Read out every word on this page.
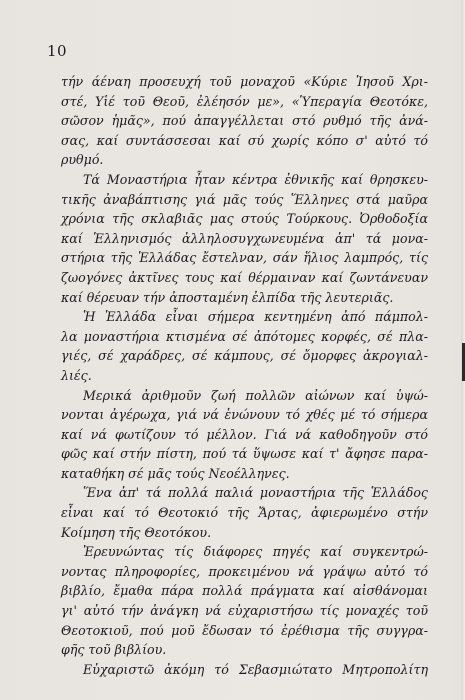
10
τήν άέναη προσευχή τοῦ μοναχοῦ «Κύριε Ἰησοῦ Χρι-
στέ, Υἱέ τοῦ Θεοῦ, ἐλέησόν με», «Ὑπεραγία Θεοτόκε,
σῶσον ἡμᾶς», πού ἀπαγγέλλεται στό ρυθμό τῆς ἀνά-
σας, καί συντάσσεσαι καί σύ χωρίς κόπο σ' αὐτό τό
ρυθμό.
Τά Μοναστήρια ἦταν κέντρα ἐθνικῆς καί θρησκευ-
τικῆς ἀναβάπτισης γιά μᾶς τούς Ἕλληνες στά μαῦρα
χρόνια τῆς σκλαβιᾶς μας στούς Τούρκους. Ὀρθοδοξία
καί Ἑλληνισμός ἀλληλοσυγχωνευμένα ἀπ' τά μονα-
στήρια τῆς Ἑλλάδας ἔστελναν, σάν ἥλιος λαμπρός, τίς
ζωογόνες ἀκτῖνες τους καί θέρμαιναν καί ζωντάνευαν
καί θέρευαν τήν ἀποσταμένη ἐλπίδα τῆς λευτεριᾶς.
Ἡ Ἑλλάδα εἶναι σήμερα κεντημένη ἀπό πάμπολ-
λα μοναστήρια κτισμένα σέ ἀπότομες κορφές, σέ πλα-
γιές, σέ χαράδρες, σέ κάμπους, σέ ὄμορφες ἀκρογιαλ-
λιές.
Μερικά ἀριθμοῦν ζωή πολλῶν αἰώνων καί ὑψώ-
νονται ἀγέρωχα, γιά νά ἑνώνουν τό χθές μέ τό σήμερα
καί νά φωτίζουν τό μέλλον. Γιά νά καθοδηγοῦν στό
φῶς καί στήν πίστη, πού τά ὕψωσε καί τ' ἄφησε παρα-
καταθήκη σέ μᾶς τούς Νεοέλληνες.
Ἕνα ἀπ' τά πολλά παλιά μοναστήρια τῆς Ἑλλάδος
εἶναι καί τό Θεοτοκιό τῆς Ἄρτας, ἀφιερωμένο στήν
Κοίμηση τῆς Θεοτόκου.
Ἐρευνώντας τίς διάφορες πηγές καί συγκεντρώ-
νοντας πληροφορίες, προκειμένου νά γράψω αὐτό τό
βιβλίο, ἔμαθα πάρα πολλά πράγματα καί αἰσθάνομαι
γι' αὐτό τήν ἀνάγκη νά εὐχαριστήσω τίς μοναχές τοῦ
Θεοτοκιοῦ, πού μοῦ ἔδωσαν τό ἐρέθισμα τῆς συγγρα-
φῆς τοῦ βιβλίου.
Εὐχαριστῶ ἀκόμη τό Σεβασμιώτατο Μητροπολίτη
